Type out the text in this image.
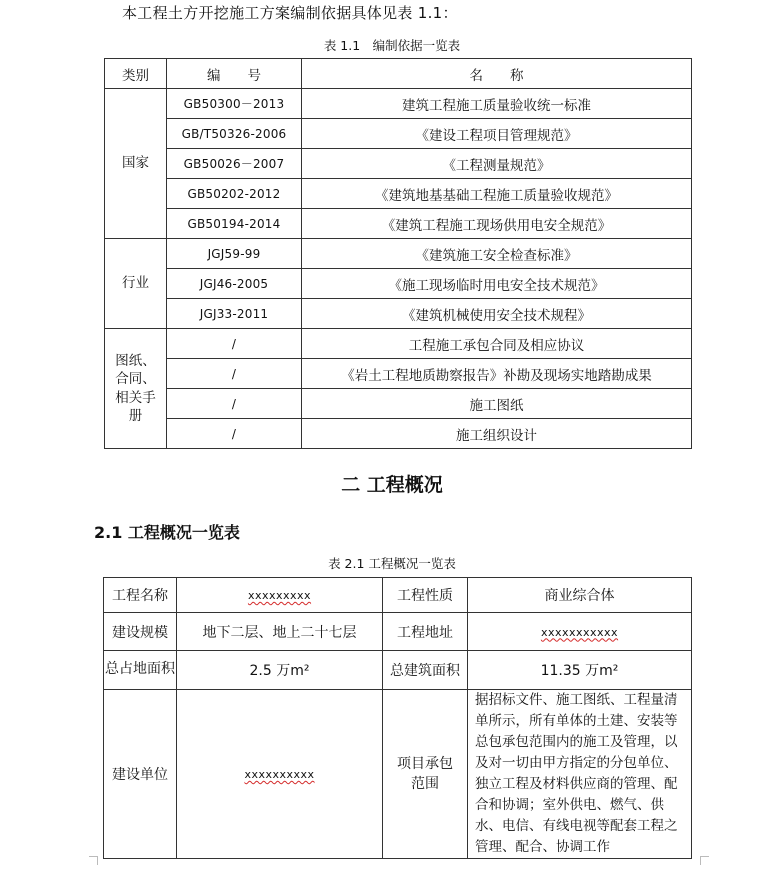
本工程土方开挖施工方案编制依据具体见表 1.1：
表 1.1　编制依据一览表
类别	编　　号	名　　称
国家	GB50300－2013	建筑工程施工质量验收统一标准
	GB/T50326-2006	《建设工程项目管理规范》
	GB50026－2007	《工程测量规范》
	GB50202-2012	《建筑地基基础工程施工质量验收规范》
	GB50194-2014	《建筑工程施工现场供用电安全规范》
行业	JGJ59-99	《建筑施工安全检查标准》
	JGJ46-2005	《施工现场临时用电安全技术规范》
	JGJ33-2011	《建筑机械使用安全技术规程》
图纸、合同、相关手册	/	工程施工承包合同及相应协议
	/	《岩土工程地质勘察报告》补勘及现场实地踏勘成果
	/	施工图纸
	/	施工组织设计
二 工程概况
2.1 工程概况一览表
表 2.1 工程概况一览表
工程名称	xxxxxxxxx	工程性质	商业综合体
建设规模	地下二层、地上二十七层	工程地址	xxxxxxxxxxx
总占地面积	2.5 万m²	总建筑面积	11.35 万m²
建设单位	xxxxxxxxxx	项目承包范围	据招标文件、施工图纸、工程量清单所示，所有单体的土建、安装等总包承包范围内的施工及管理，以及对一切由甲方指定的分包单位、独立工程及材料供应商的管理、配合和协调；室外供电、燃气、供水、电信、有线电视等配套工程之管理、配合、协调工作
